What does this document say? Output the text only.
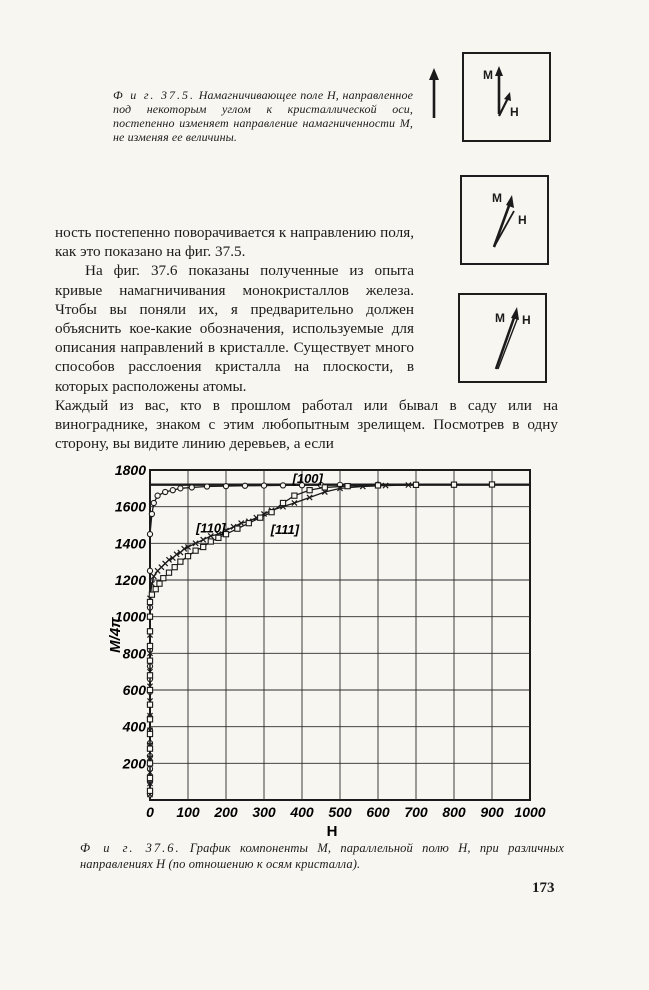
Ф и г. 37.5. Намагничивающее поле H, направленное под некоторым углом к кристаллической оси, постепенно изменяет направление намагниченности M, не изменяя ее величины.
M
H
M
H
M H

ность постепенно поворачивается к направлению поля, как это показано на фиг. 37.5.

На фиг. 37.6 показаны полученные из опыта кривые намагничивания монокристаллов железа. Чтобы вы поняли их, я предварительно должен объяснить кое-какие обозначения, используемые для описания направлений в кристалле. Существует много способов расслоения кристалла на плоскости, в которых расположены атомы.

Каждый из вас, кто в прошлом работал или бывал в саду или на винограднике, знаком с этим любопытным зрелищем. Посмотрев в одну сторону, вы видите линию деревьев, а если

0 100 200 300 400 500 600 700 800 900 1000
200
400
600
800
1000
1200
1400
1600
1800
H
M/4π
[100]
[110]	[111]
Ф и г. 37.6. График компоненты M, параллельной полю H, при различных направлениях H (по отношению к осям кристалла).
173
